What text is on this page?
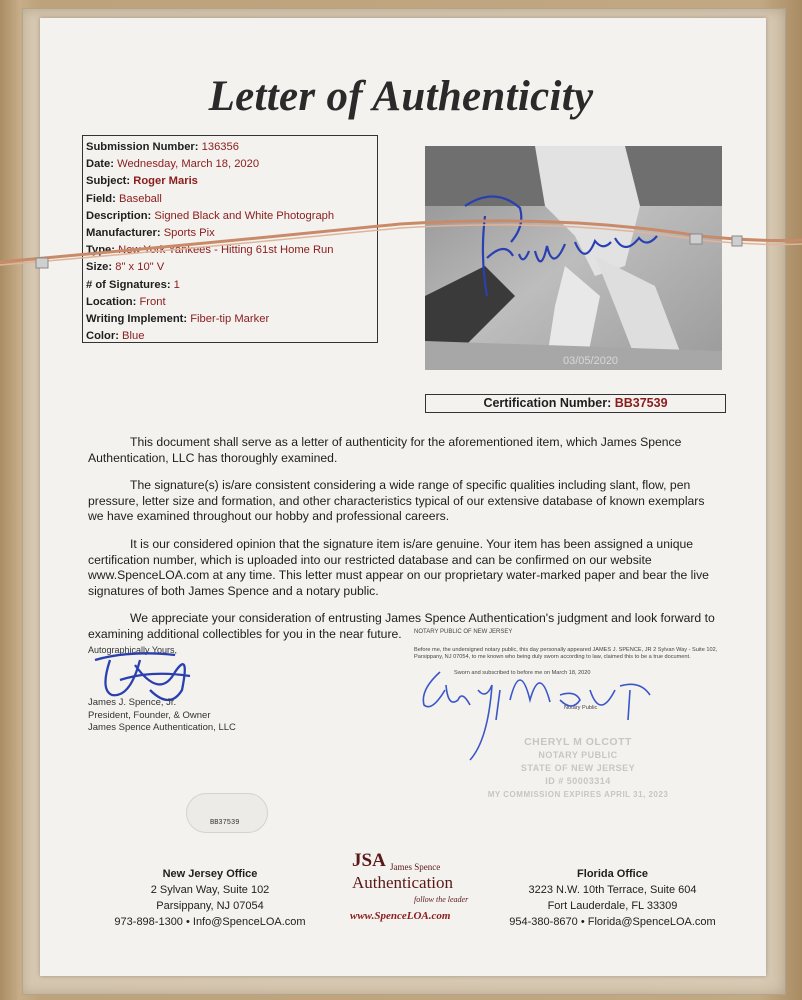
Letter of Authenticity
Submission Number: 136356
Date: Wednesday, March 18, 2020
Subject: Roger Maris
Field: Baseball
Description: Signed Black and White Photograph
Manufacturer: Sports Pix
Type: New York Yankees - Hitting 61st Home Run
Size: 8" x 10" V
# of Signatures: 1
Location: Front
Writing Implement: Fiber-tip Marker
Color: Blue
03/05/2020
Certification Number: BB37539

This document shall serve as a letter of authenticity for the aforementioned item, which James Spence Authentication, LLC has thoroughly examined.

The signature(s) is/are consistent considering a wide range of specific qualities including slant, flow, pen pressure, letter size and formation, and other characteristics typical of our extensive database of known exemplars we have examined throughout our hobby and professional careers.

It is our considered opinion that the signature item is/are genuine. Your item has been assigned a unique certification number, which is uploaded into our restricted database and can be confirmed on our website www.SpenceLOA.com at any time. This letter must appear on our proprietary water-marked paper and bear the live signatures of both James Spence and a notary public.

We appreciate your consideration of entrusting James Spence Authentication's judgment and look forward to examining additional collectibles for you in the near future.

Autographically Yours,
James J. Spence, Jr.
President, Founder, & Owner
James Spence Authentication, LLC
NOTARY PUBLIC OF NEW JERSEY
Before me, the undersigned notary public, this day personally appeared JAMES J. SPENCE, JR 2 Sylvan Way - Suite 102, Parsippany, NJ 07054, to me known who being duly sworn according to law, claimed this to be a true document.
Sworn and subscribed to before me on March 18, 2020
Notary Public
CHERYL M OLCOTT
NOTARY PUBLIC
STATE OF NEW JERSEY
ID # 50003314
MY COMMISSION EXPIRES APRIL 31, 2023
BB37539
New Jersey Office
2 Sylvan Way, Suite 102
Parsippany, NJ 07054
973-898-1300 • Info@SpenceLOA.com
JSA James Spence
Authentication
follow the leader
www.SpenceLOA.com
Florida Office
3223 N.W. 10th Terrace, Suite 604
Fort Lauderdale, FL 33309
954-380-8670 • Florida@SpenceLOA.com
